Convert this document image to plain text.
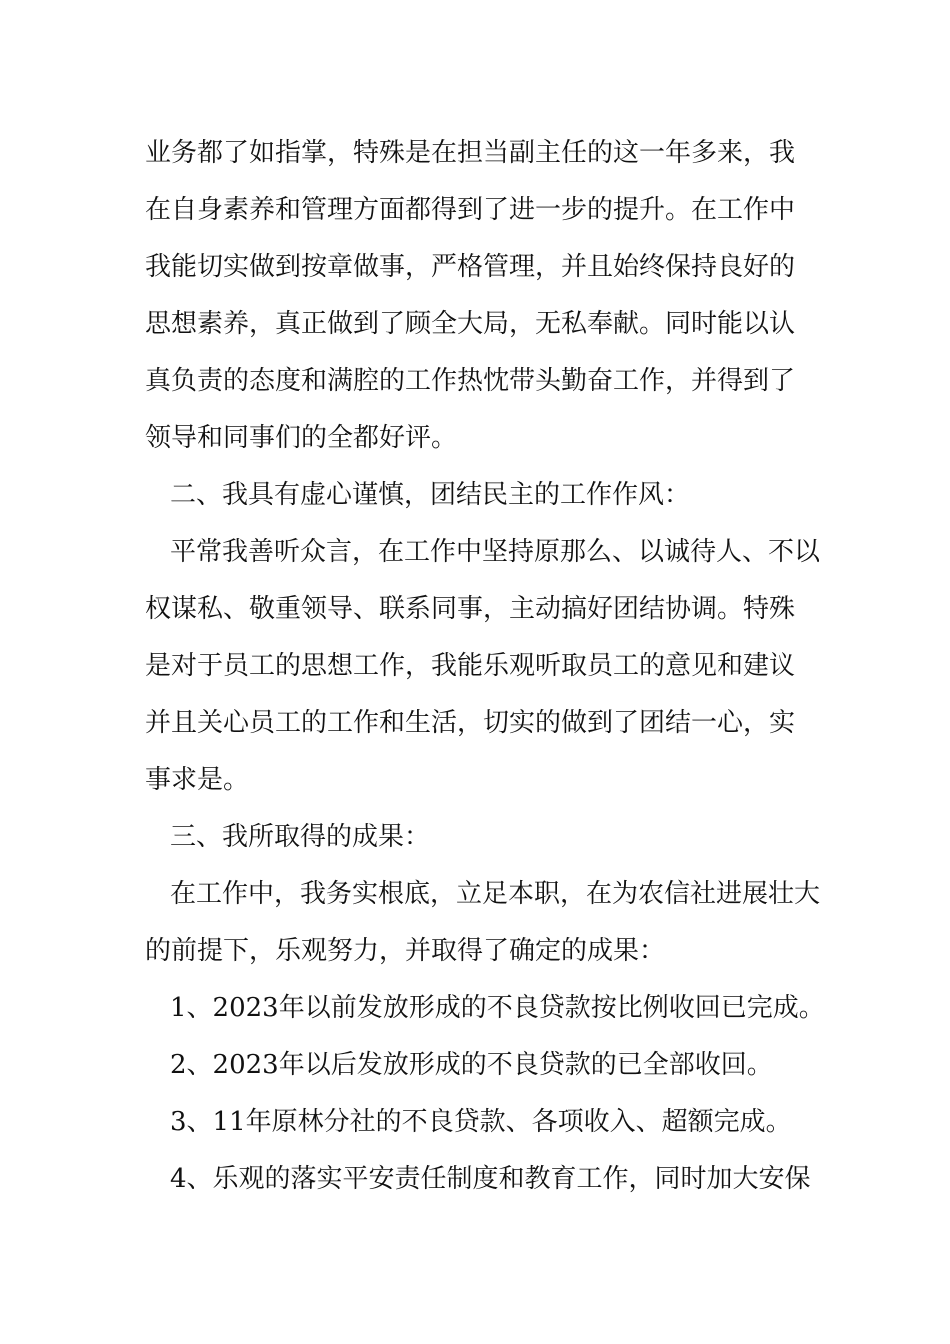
业务都了如指掌，特殊是在担当副主任的这一年多来，我

在自身素养和管理方面都得到了进一步的提升。在工作中

我能切实做到按章做事，严格管理，并且始终保持良好的

思想素养，真正做到了顾全大局，无私奉献。同时能以认

真负责的态度和满腔的工作热忱带头勤奋工作，并得到了

领导和同事们的全都好评。

二、我具有虚心谨慎，团结民主的工作作风：

平常我善听众言，在工作中坚持原那么、以诚待人、不以

权谋私、敬重领导、联系同事，主动搞好团结协调。特殊

是对于员工的思想工作，我能乐观听取员工的意见和建议

并且关心员工的工作和生活，切实的做到了团结一心，实

事求是。

三、我所取得的成果：

在工作中，我务实根底，立足本职，在为农信社进展壮大

的前提下，乐观努力，并取得了确定的成果：

1、2023年以前发放形成的不良贷款按比例收回已完成。

2、2023年以后发放形成的不良贷款的已全部收回。

3、11年原林分社的不良贷款、各项收入、超额完成。

4、乐观的落实平安责任制度和教育工作，同时加大安保
